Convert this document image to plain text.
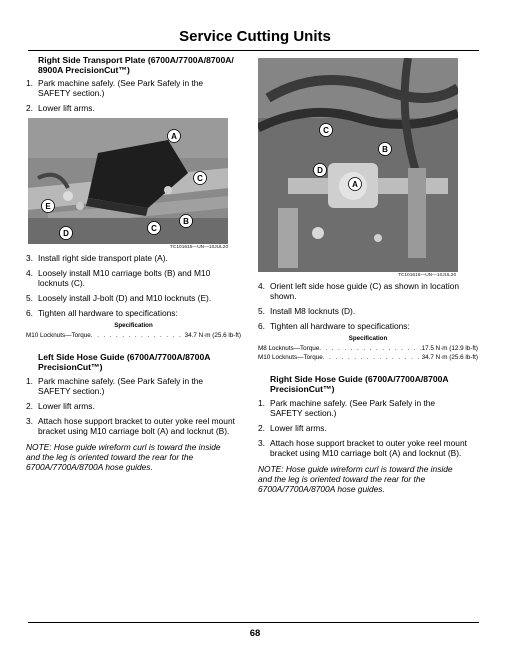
Service Cutting Units
Right Side Transport Plate (6700A/7700A/8700A/
8900A PrecisionCut™)
1. Park machine safely. (See Park Safely in the
SAFETY section.)
2. Lower lift arms.
A
C
B
C
E
D
TC101615—UN—10JUL20
3. Install right side transport plate (A).
4. Loosely install M10 carriage bolts (B) and M10
locknuts (C).
5. Loosely install J-bolt (D) and M10 locknuts (E).
6. Tighten all hardware to specifications:
Specification
M10 Locknuts—Torque . . .	34.7 N·m (25.6 lb-ft)
Left Side Hose Guide (6700A/7700A/8700A
PrecisionCut™)
1. Park machine safely. (See Park Safely in the
SAFETY section.)
2. Lower lift arms.
3. Attach hose support bracket to outer yoke reel mount
bracket using M10 carriage bolt (A) and locknut (B).
NOTE: Hose guide wireform curl is toward the inside
and the leg is oriented toward the rear for the
6700A/7700A/8700A hose guides.
C
B
D
A
TC101616—UN—10JUL20
4. Orient left side hose guide (C) as shown in location
shown.
5. Install M8 locknuts (D).
6. Tighten all hardware to specifications:
Specification
M8 Locknuts—Torque . . .	17.5 N·m (12.9 lb-ft)
M10 Locknuts—Torque . . .	34.7 N·m (25.6 lb-ft)
Right Side Hose Guide (6700A/7700A/8700A
PrecisionCut™)
1. Park machine safely. (See Park Safely in the
SAFETY section.)
2. Lower lift arms.
3. Attach hose support bracket to outer yoke reel mount
bracket using M10 carriage bolt (A) and locknut (B).
NOTE: Hose guide wireform curl is toward the inside
and the leg is oriented toward the rear for the
6700A/7700A/8700A hose guides.
68
